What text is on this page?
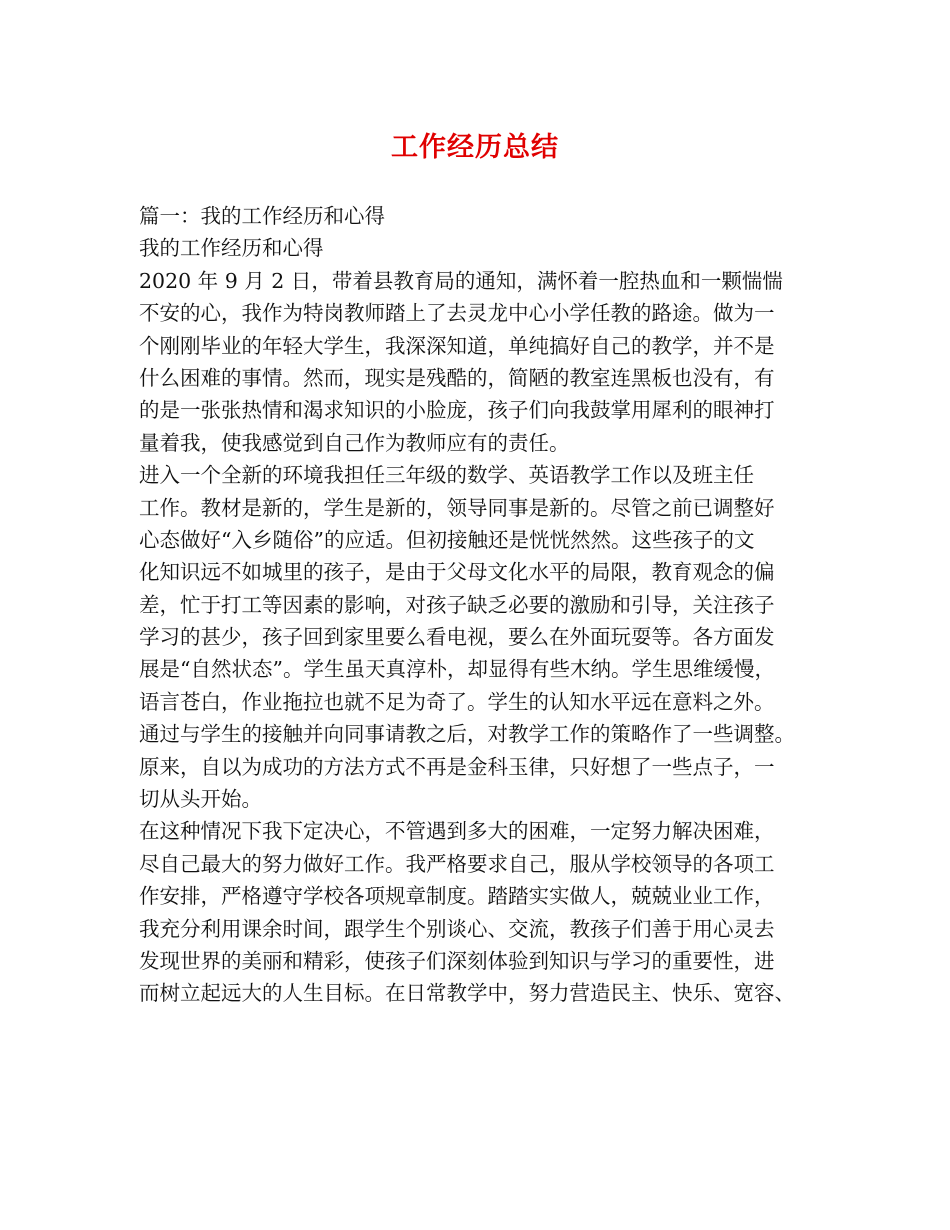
工作经历总结
篇一：我的工作经历和心得
我的工作经历和心得
2020 年 9 月 2 日，带着县教育局的通知，满怀着一腔热血和一颗惴惴
不安的心，我作为特岗教师踏上了去灵龙中心小学任教的路途。做为一
个刚刚毕业的年轻大学生，我深深知道，单纯搞好自己的教学，并不是
什么困难的事情。然而，现实是残酷的，简陋的教室连黑板也没有，有
的是一张张热情和渴求知识的小脸庞，孩子们向我鼓掌用犀利的眼神打
量着我，使我感觉到自己作为教师应有的责任。
进入一个全新的环境我担任三年级的数学、英语教学工作以及班主任
工作。教材是新的，学生是新的，领导同事是新的。尽管之前已调整好
心态做好“入乡随俗”的应适。但初接触还是恍恍然然。这些孩子的文
化知识远不如城里的孩子，是由于父母文化水平的局限，教育观念的偏
差，忙于打工等因素的影响，对孩子缺乏必要的激励和引导，关注孩子
学习的甚少，孩子回到家里要么看电视，要么在外面玩耍等。各方面发
展是“自然状态”。学生虽天真淳朴，却显得有些木纳。学生思维缓慢，
语言苍白，作业拖拉也就不足为奇了。学生的认知水平远在意料之外。
通过与学生的接触并向同事请教之后，对教学工作的策略作了一些调整。
原来，自以为成功的方法方式不再是金科玉律，只好想了一些点子，一
切从头开始。
在这种情况下我下定决心，不管遇到多大的困难，一定努力解决困难，
尽自己最大的努力做好工作。我严格要求自己，服从学校领导的各项工
作安排，严格遵守学校各项规章制度。踏踏实实做人，兢兢业业工作，
我充分利用课余时间，跟学生个别谈心、交流，教孩子们善于用心灵去
发现世界的美丽和精彩，使孩子们深刻体验到知识与学习的重要性，进
而树立起远大的人生目标。在日常教学中，努力营造民主、快乐、宽容、
